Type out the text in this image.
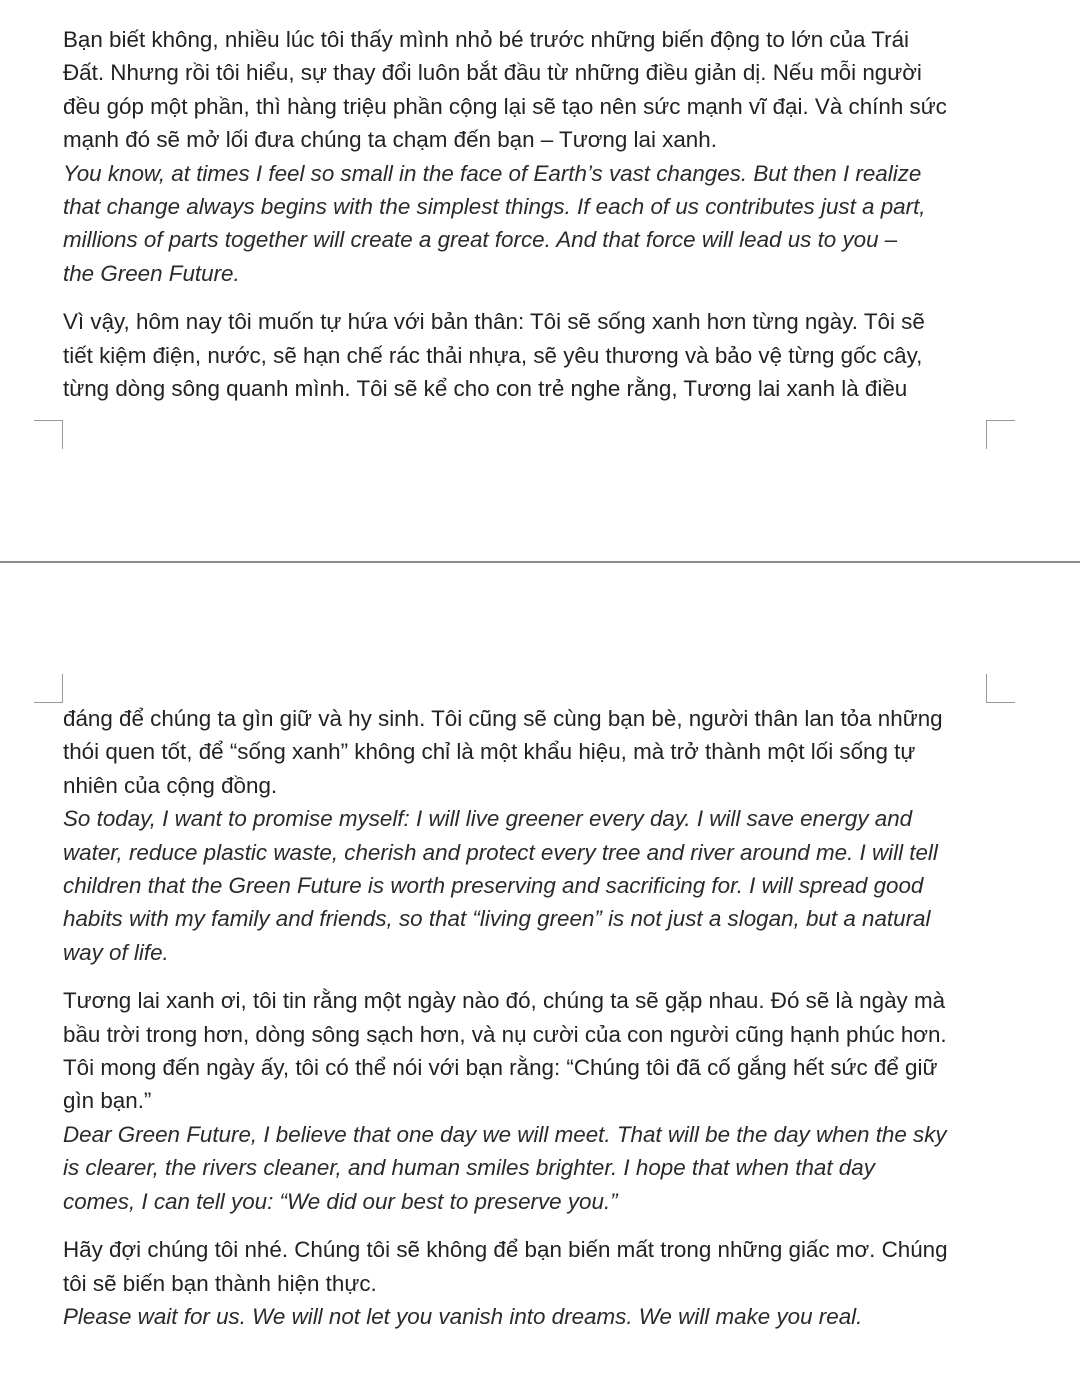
Bạn biết không, nhiều lúc tôi thấy mình nhỏ bé trước những biến động to lớn của Trái
Đất. Nhưng rồi tôi hiểu, sự thay đổi luôn bắt đầu từ những điều giản dị. Nếu mỗi người
đều góp một phần, thì hàng triệu phần cộng lại sẽ tạo nên sức mạnh vĩ đại. Và chính sức
mạnh đó sẽ mở lối đưa chúng ta chạm đến bạn – Tương lai xanh.

You know, at times I feel so small in the face of Earth’s vast changes. But then I realize
that change always begins with the simplest things. If each of us contributes just a part,
millions of parts together will create a great force. And that force will lead us to you –
the Green Future.

Vì vậy, hôm nay tôi muốn tự hứa với bản thân: Tôi sẽ sống xanh hơn từng ngày. Tôi sẽ
tiết kiệm điện, nước, sẽ hạn chế rác thải nhựa, sẽ yêu thương và bảo vệ từng gốc cây,
từng dòng sông quanh mình. Tôi sẽ kể cho con trẻ nghe rằng, Tương lai xanh là điều

đáng để chúng ta gìn giữ và hy sinh. Tôi cũng sẽ cùng bạn bè, người thân lan tỏa những
thói quen tốt, để “sống xanh” không chỉ là một khẩu hiệu, mà trở thành một lối sống tự
nhiên của cộng đồng.

So today, I want to promise myself: I will live greener every day. I will save energy and
water, reduce plastic waste, cherish and protect every tree and river around me. I will tell
children that the Green Future is worth preserving and sacrificing for. I will spread good
habits with my family and friends, so that “living green” is not just a slogan, but a natural
way of life.

Tương lai xanh ơi, tôi tin rằng một ngày nào đó, chúng ta sẽ gặp nhau. Đó sẽ là ngày mà
bầu trời trong hơn, dòng sông sạch hơn, và nụ cười của con người cũng hạnh phúc hơn.
Tôi mong đến ngày ấy, tôi có thể nói với bạn rằng: “Chúng tôi đã cố gắng hết sức để giữ
gìn bạn.”

Dear Green Future, I believe that one day we will meet. That will be the day when the sky
is clearer, the rivers cleaner, and human smiles brighter. I hope that when that day
comes, I can tell you: “We did our best to preserve you.”

Hãy đợi chúng tôi nhé. Chúng tôi sẽ không để bạn biến mất trong những giấc mơ. Chúng
tôi sẽ biến bạn thành hiện thực.

Please wait for us. We will not let you vanish into dreams. We will make you real.
